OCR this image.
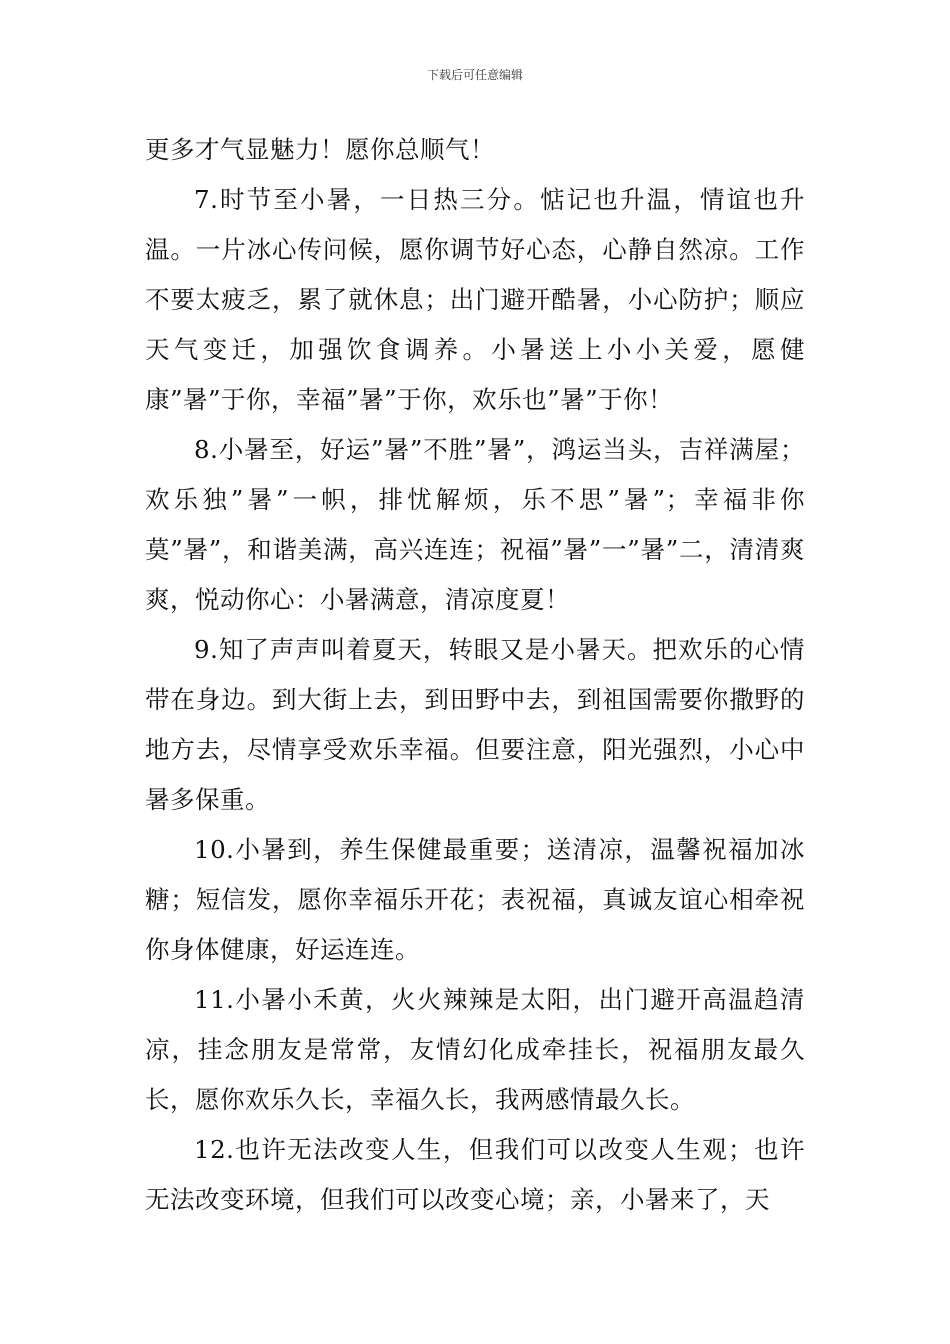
下载后可任意编辑

更多才气显魅力！愿你总顺气！

7.时节至小暑，一日热三分。惦记也升温，情谊也升温。一片冰心传问候，愿你调节好心态，心静自然凉。工作不要太疲乏，累了就休息；出门避开酷暑，小心防护；顺应天气变迁，加强饮食调养。小暑送上小小关爱，愿健康”暑”于你，幸福”暑”于你，欢乐也”暑”于你！

8.小暑至，好运”暑”不胜”暑”，鸿运当头，吉祥满屋；欢乐独”暑”一帜，排忧解烦，乐不思”暑”；幸福非你莫”暑”，和谐美满，高兴连连；祝福”暑”一”暑”二，清清爽爽，悦动你心：小暑满意，清凉度夏！

9.知了声声叫着夏天，转眼又是小暑天。把欢乐的心情带在身边。到大街上去，到田野中去，到祖国需要你撒野的地方去，尽情享受欢乐幸福。但要注意，阳光强烈，小心中暑多保重。

10.小暑到，养生保健最重要；送清凉，温馨祝福加冰糖；短信发，愿你幸福乐开花；表祝福，真诚友谊心相牵祝你身体健康，好运连连。

11.小暑小禾黄，火火辣辣是太阳，出门避开高温趋清凉，挂念朋友是常常，友情幻化成牵挂长，祝福朋友最久长，愿你欢乐久长，幸福久长，我两感情最久长。

12.也许无法改变人生，但我们可以改变人生观；也许无法改变环境，但我们可以改变心境；亲，小暑来了，天
